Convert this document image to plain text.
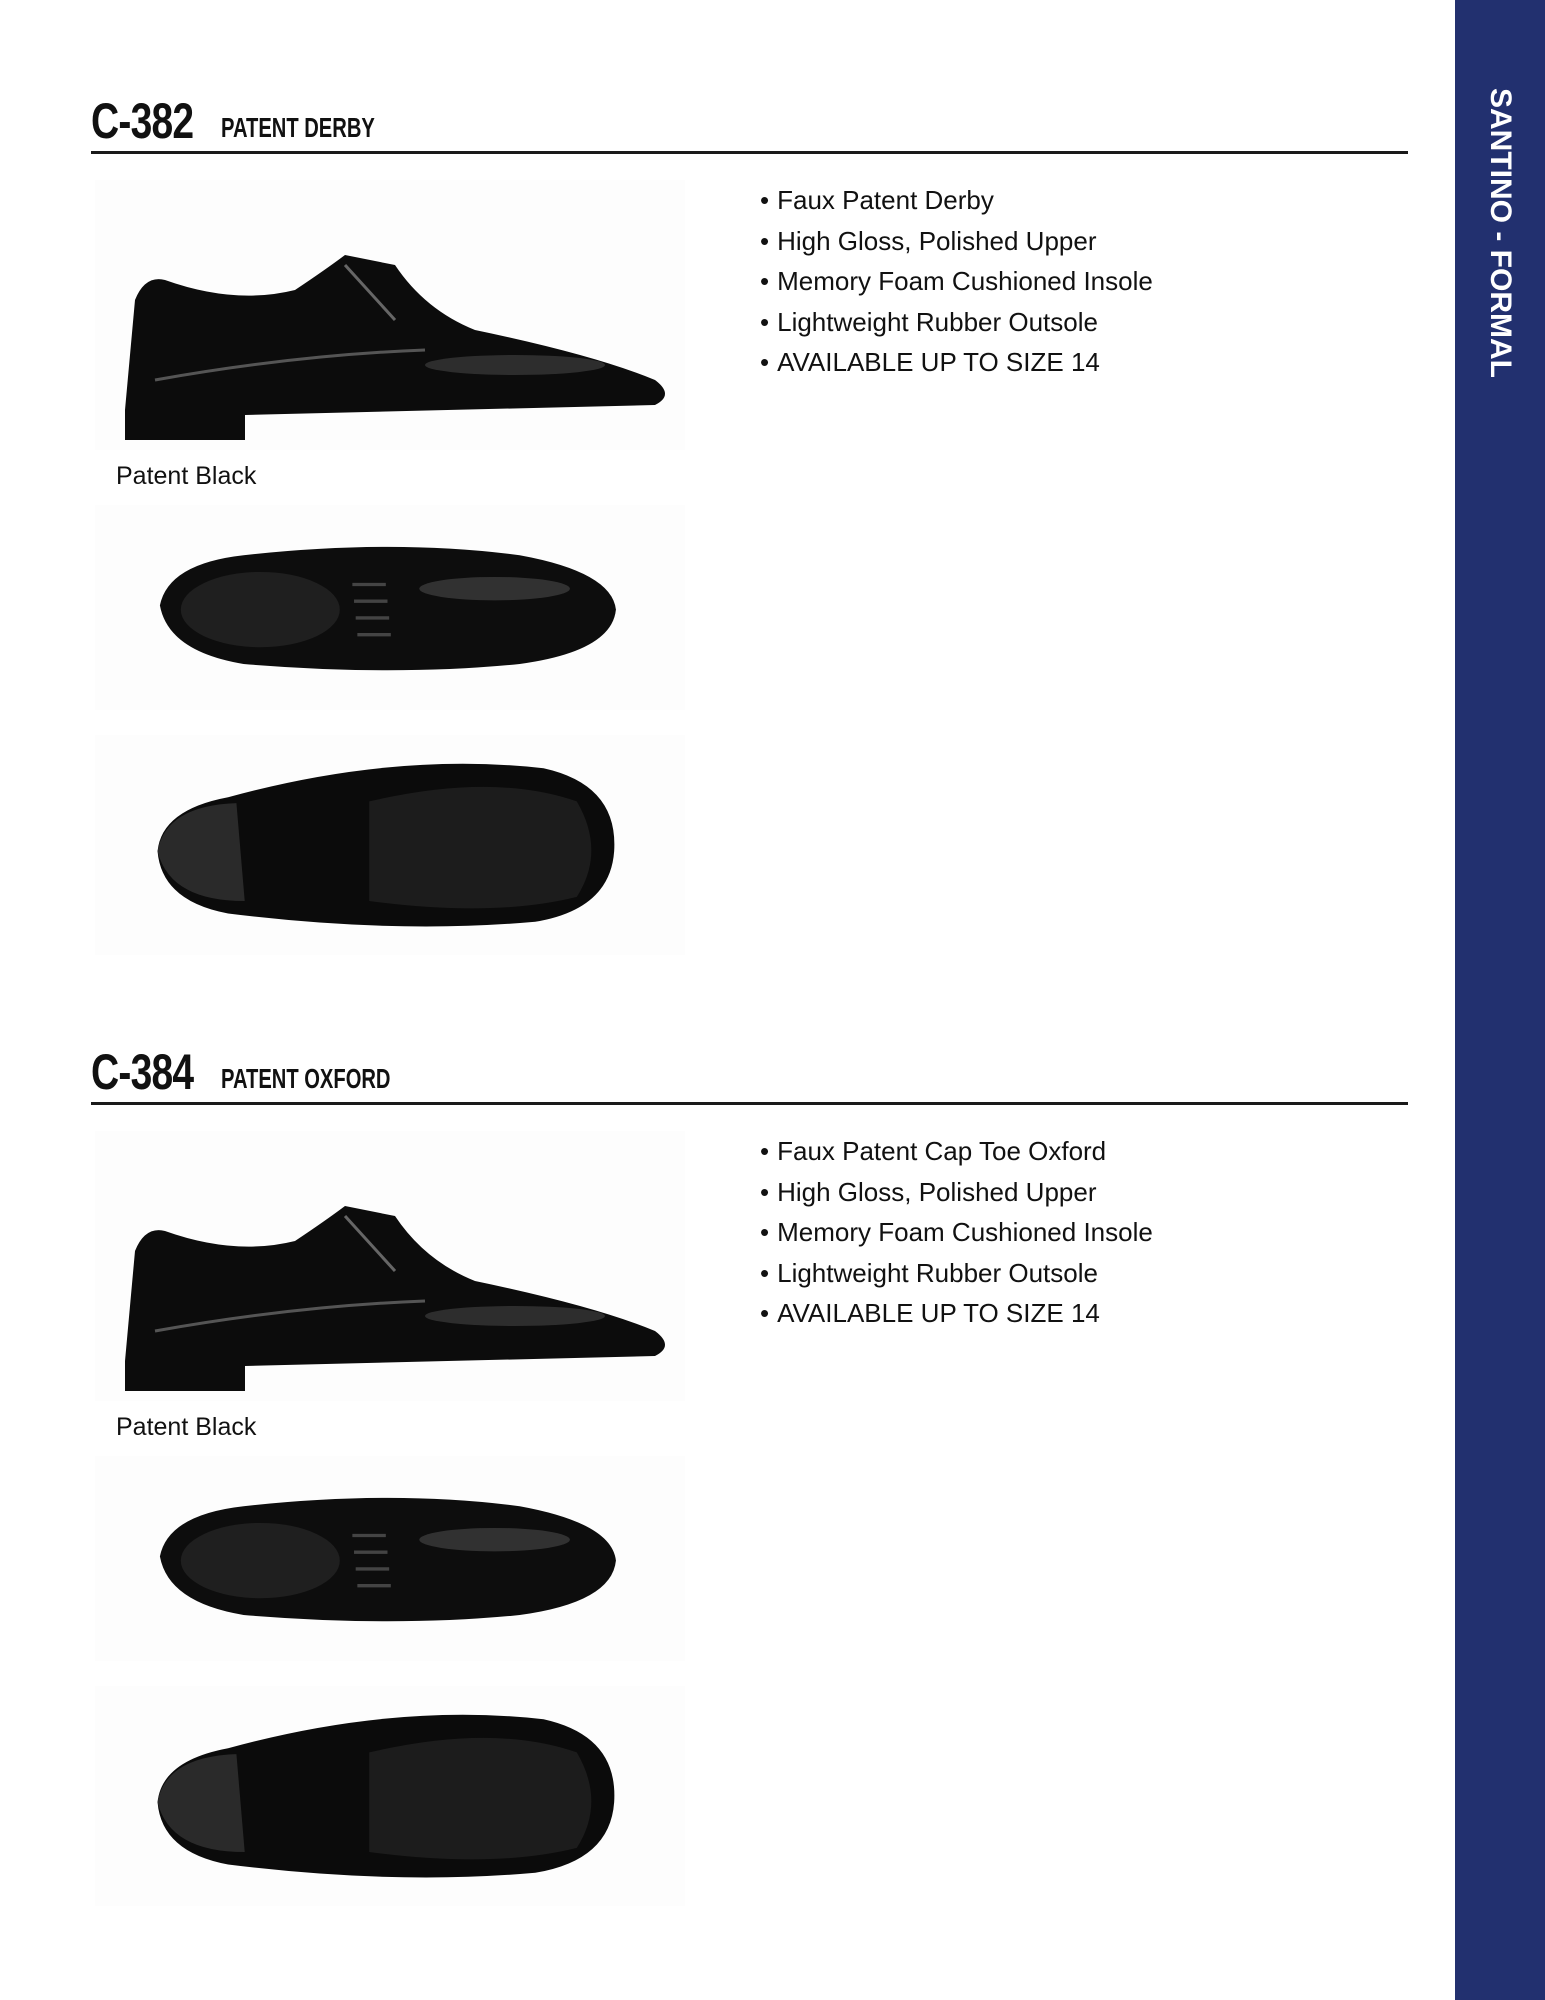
SANTINO - FORMAL
C-382 PATENT DERBY
• Faux Patent Derby
• High Gloss, Polished Upper
• Memory Foam Cushioned Insole
• Lightweight Rubber Outsole
• AVAILABLE UP TO SIZE 14
Patent Black
C-384 PATENT OXFORD
• Faux Patent Cap Toe Oxford
• High Gloss, Polished Upper
• Memory Foam Cushioned Insole
• Lightweight Rubber Outsole
• AVAILABLE UP TO SIZE 14
Patent Black
